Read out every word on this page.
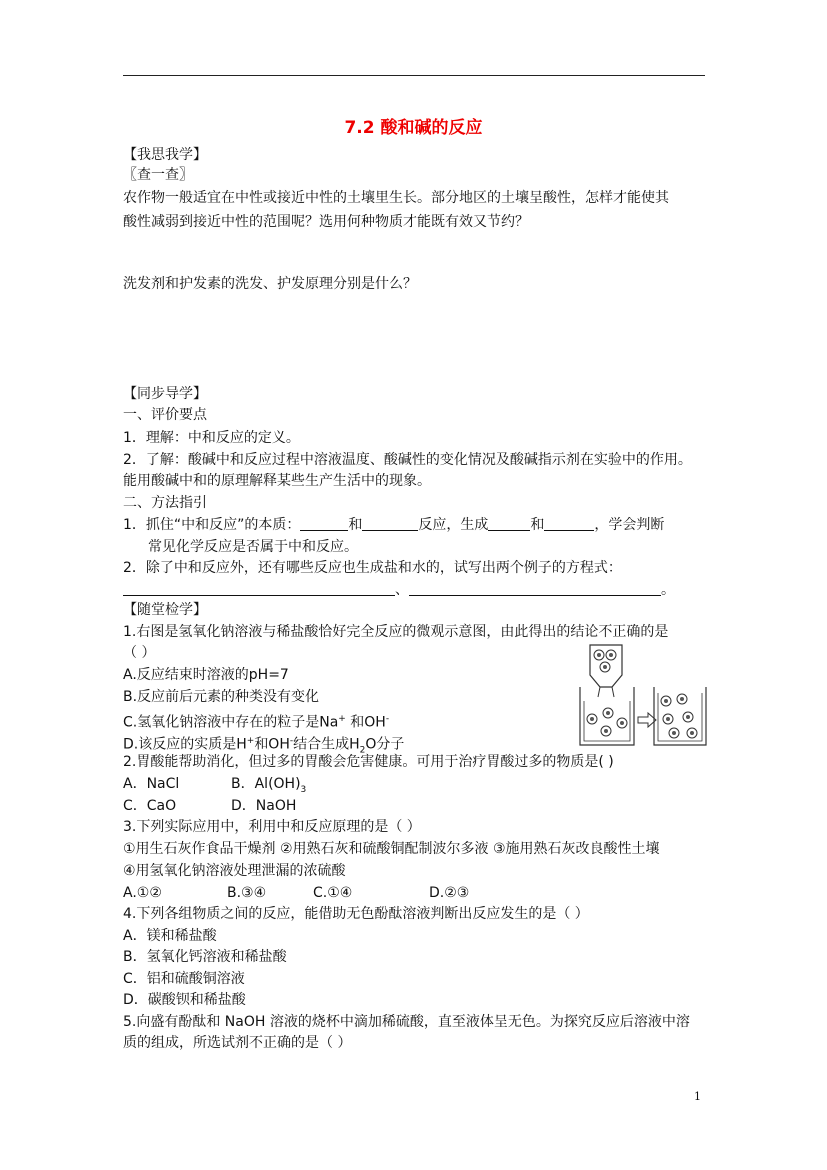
7.2 酸和碱的反应
【我思我学】
〖查一查〗
农作物一般适宜在中性或接近中性的土壤里生长。部分地区的土壤呈酸性，怎样才能使其
酸性减弱到接近中性的范围呢？选用何种物质才能既有效又节约？
洗发剂和护发素的洗发、护发原理分别是什么？
【同步导学】
一、评价要点
1．理解：中和反应的定义。
2．了解：酸碱中和反应过程中溶液温度、酸碱性的变化情况及酸碱指示剂在实验中的作用。
能用酸碱中和的原理解释某些生产生活中的现象。
二、方法指引
1．抓住“中和反应”的本质：	和	反应，生成	和	，学会判断
常见化学反应是否属于中和反应。
2．除了中和反应外，还有哪些反应也生成盐和水的，试写出两个例子的方程式：
、	。
【随堂检学】
1.右图是氢氧化钠溶液与稀盐酸恰好完全反应的微观示意图，由此得出的结论不正确的是
（ ）
A.反应结束时溶液的pH=7
B.反应前后元素的种类没有变化
C.氢氧化钠溶液中存在的粒子是Na+ 和OH-
D.该反应的实质是H+和OH-结合生成$H_2O$分子
2.胃酸能帮助消化，但过多的胃酸会危害健康。可用于治疗胃酸过多的物质是( )
A．NaCl	B．$Al(OH)_3$
C．CaO	D．NaOH
3.下列实际应用中，利用中和反应原理的是（ ）
①用生石灰作食品干燥剂 ②用熟石灰和硫酸铜配制波尔多液 ③施用熟石灰改良酸性土壤
④用氢氧化钠溶液处理泄漏的浓硫酸
A.①②	B.③④	C.①④	D.②③
4.下列各组物质之间的反应，能借助无色酚酞溶液判断出反应发生的是（ ）
A．镁和稀盐酸
B．氢氧化钙溶液和稀盐酸
C．铝和硫酸铜溶液
D．碳酸钡和稀盐酸
5.向盛有酚酞和 NaOH 溶液的烧杯中滴加稀硫酸，直至液体呈无色。为探究反应后溶液中溶
质的组成，所选试剂不正确的是（ ）
1
